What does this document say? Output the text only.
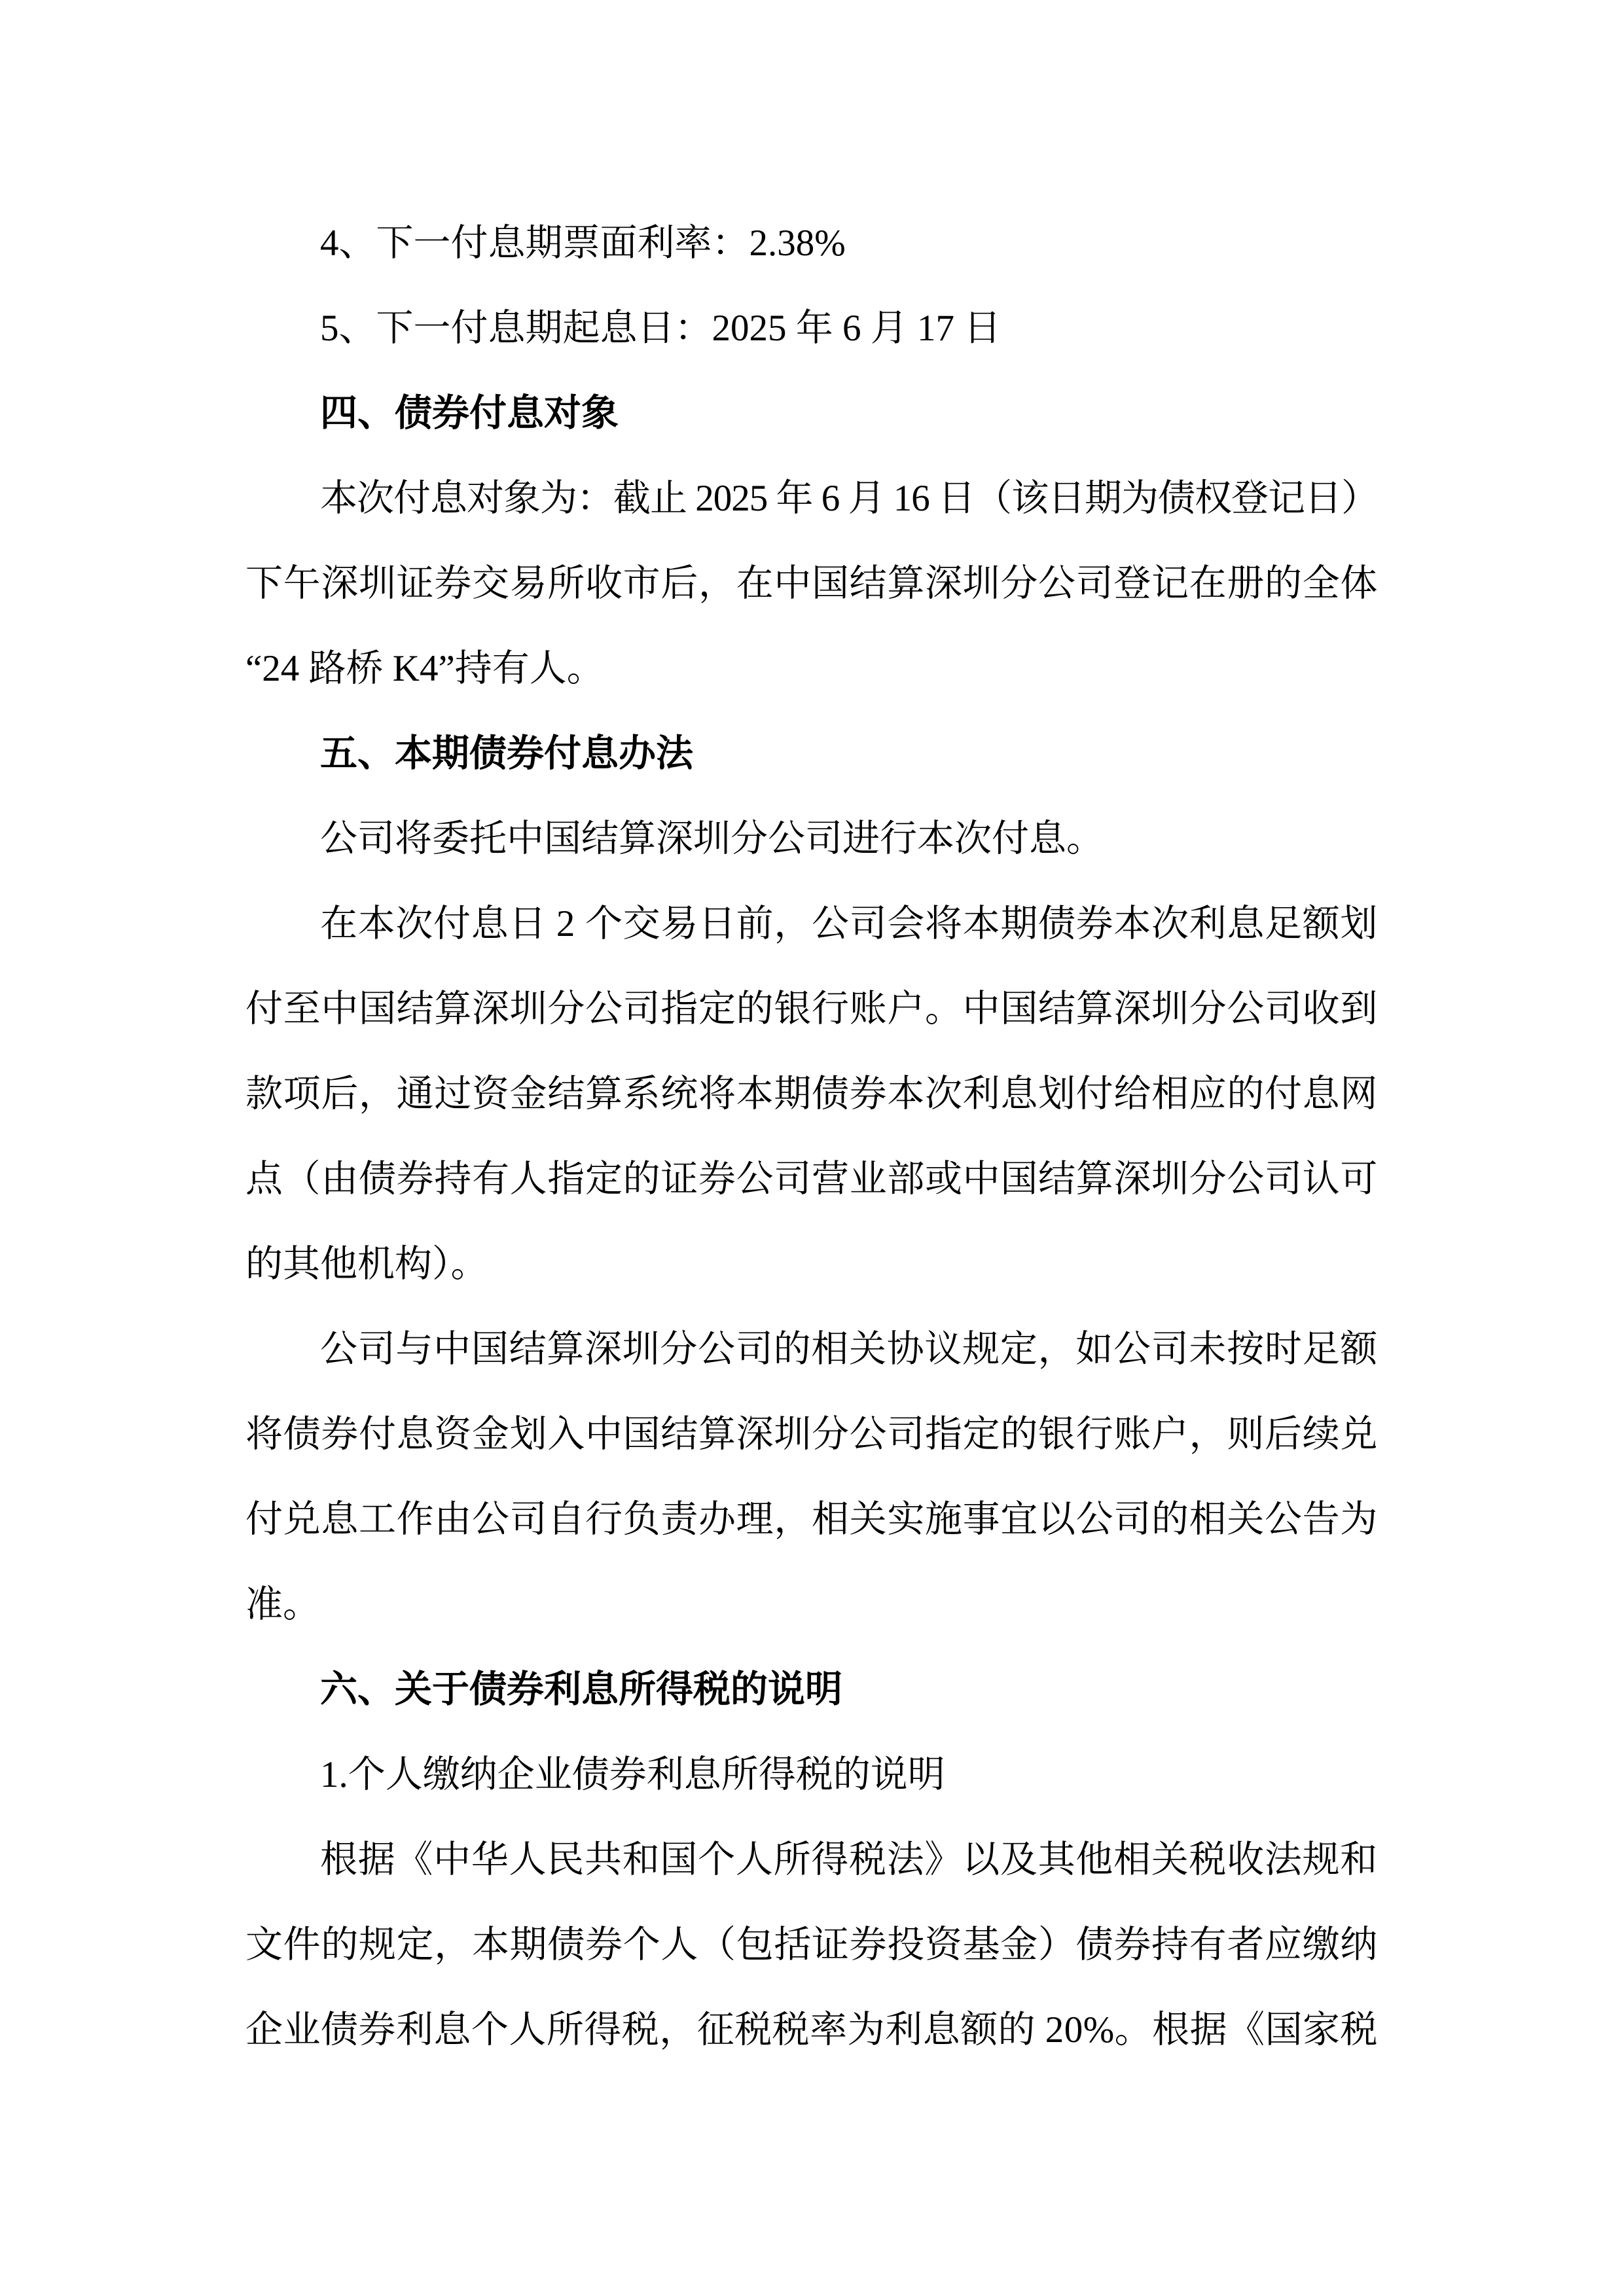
4、下一付息期票面利率：2.38%
5、下一付息期起息日：2025 年 6 月 17 日
四、债券付息对象
本次付息对象为：截止 2025 年 6 月 16 日（该日期为债权登记日）
下午深圳证券交易所收市后，在中国结算深圳分公司登记在册的全体
“24 路桥 K4”持有人。
五、本期债券付息办法
公司将委托中国结算深圳分公司进行本次付息。
在本次付息日 2 个交易日前，公司会将本期债券本次利息足额划
付至中国结算深圳分公司指定的银行账户。中国结算深圳分公司收到
款项后，通过资金结算系统将本期债券本次利息划付给相应的付息网
点（由债券持有人指定的证券公司营业部或中国结算深圳分公司认可
的其他机构）。
公司与中国结算深圳分公司的相关协议规定，如公司未按时足额
将债券付息资金划入中国结算深圳分公司指定的银行账户，则后续兑
付兑息工作由公司自行负责办理，相关实施事宜以公司的相关公告为
准。
六、关于债券利息所得税的说明
1.个人缴纳企业债券利息所得税的说明
根据《中华人民共和国个人所得税法》以及其他相关税收法规和
文件的规定，本期债券个人（包括证券投资基金）债券持有者应缴纳
企业债券利息个人所得税，征税税率为利息额的 20%。根据《国家税
